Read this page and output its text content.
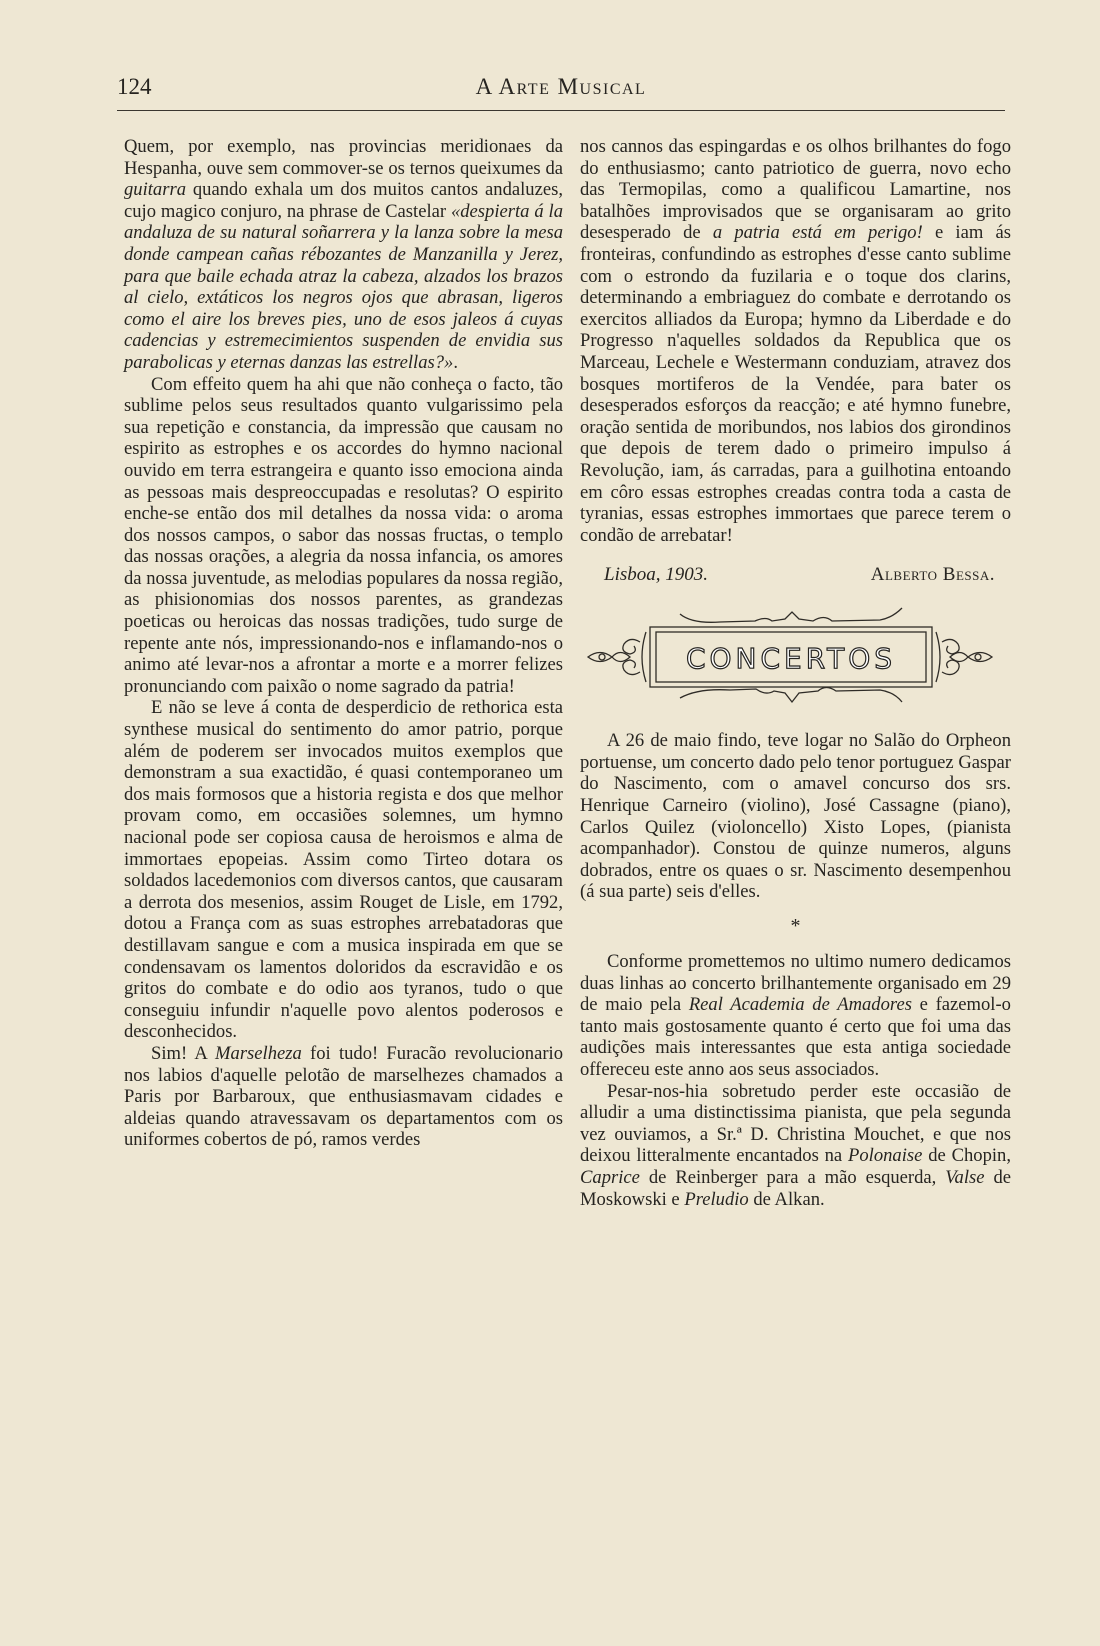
124	A Arte Musical

Quem, por exemplo, nas provincias meridionaes da Hespanha, ouve sem commover-se os ternos queixumes da guitarra quando exhala um dos muitos cantos andaluzes, cujo magico conjuro, na phrase de Castelar «despierta á la andaluza de su natural soñarrera y la lanza sobre la mesa donde campean cañas rébozantes de Manzanilla y Jerez, para que baile echada atraz la cabeza, alzados los brazos al cielo, extáticos los negros ojos que abrasan, ligeros como el aire los breves pies, uno de esos jaleos á cuyas cadencias y estremecimientos suspenden de envidia sus parabolicas y eternas danzas las estrellas?».

Com effeito quem ha ahi que não conheça o facto, tão sublime pelos seus resultados quanto vulgarissimo pela sua repetição e constancia, da impressão que causam no espirito as estrophes e os accordes do hymno nacional ouvido em terra estrangeira e quanto isso emociona ainda as pessoas mais despreoccupadas e resolutas? O espirito enche-se então dos mil detalhes da nossa vida: o aroma dos nossos campos, o sabor das nossas fructas, o templo das nossas orações, a alegria da nossa infancia, os amores da nossa juventude, as melodias populares da nossa região, as phisionomias dos nossos parentes, as grandezas poeticas ou heroicas das nossas tradições, tudo surge de repente ante nós, impressionando-nos e inflamando-nos o animo até levar-nos a afrontar a morte e a morrer felizes pronunciando com paixão o nome sagrado da patria!

E não se leve á conta de desperdicio de rethorica esta synthese musical do sentimento do amor patrio, porque além de poderem ser invocados muitos exemplos que demonstram a sua exactidão, é quasi contemporaneo um dos mais formosos que a historia regista e dos que melhor provam como, em occasiões solemnes, um hymno nacional pode ser copiosa causa de heroismos e alma de immortaes epopeias. Assim como Tirteo dotara os soldados lacedemonios com diversos cantos, que causaram a derrota dos mesenios, assim Rouget de Lisle, em 1792, dotou a França com as suas estrophes arrebatadoras que destillavam sangue e com a musica inspirada em que se condensavam os lamentos doloridos da escravidão e os gritos do combate e do odio aos tyranos, tudo o que conseguiu infundir n'aquelle povo alentos poderosos e desconhecidos.

Sim! A Marselheza foi tudo! Furacão revolucionario nos labios d'aquelle pelotão de marselhezes chamados a Paris por Barbaroux, que enthusiasmavam cidades e aldeias quando atravessavam os departamentos com os uniformes cobertos de pó, ramos verdes

nos cannos das espingardas e os olhos brilhantes do fogo do enthusiasmo; canto patriotico de guerra, novo echo das Termopilas, como a qualificou Lamartine, nos batalhões improvisados que se organisaram ao grito desesperado de a patria está em perigo! e iam ás fronteiras, confundindo as estrophes d'esse canto sublime com o estrondo da fuzilaria e o toque dos clarins, determinando a embriaguez do combate e derrotando os exercitos alliados da Europa; hymno da Liberdade e do Progresso n'aquelles soldados da Republica que os Marceau, Lechele e Westermann conduziam, atravez dos bosques mortiferos de la Vendée, para bater os desesperados esforços da reacção; e até hymno funebre, oração sentida de moribundos, nos labios dos girondinos que depois de terem dado o primeiro impulso á Revolução, iam, ás carradas, para a guilhotina entoando em côro essas estrophes creadas contra toda a casta de tyranias, essas estrophes immortaes que parece terem o condão de arrebatar!

Lisboa, 1903.	Alberto Bessa.
CONCERTOS

A 26 de maio findo, teve logar no Salão do Orpheon portuense, um concerto dado pelo tenor portuguez Gaspar do Nascimento, com o amavel concurso dos srs. Henrique Carneiro (violino), José Cassagne (piano), Carlos Quilez (violoncello) Xisto Lopes, (pianista acompanhador). Constou de quinze numeros, alguns dobrados, entre os quaes o sr. Nascimento desempenhou (á sua parte) seis d'elles.

*

Conforme promettemos no ultimo numero dedicamos duas linhas ao concerto brilhantemente organisado em 29 de maio pela Real Academia de Amadores e fazemol-o tanto mais gostosamente quanto é certo que foi uma das audições mais interessantes que esta antiga sociedade offereceu este anno aos seus associados.

Pesar-nos-hia sobretudo perder este occasião de alludir a uma distinctissima pianista, que pela segunda vez ouviamos, a Sr.ª D. Christina Mouchet, e que nos deixou litteralmente encantados na Polonaise de Chopin, Caprice de Reinberger para a mão esquerda, Valse de Moskowski e Preludio de Alkan.
